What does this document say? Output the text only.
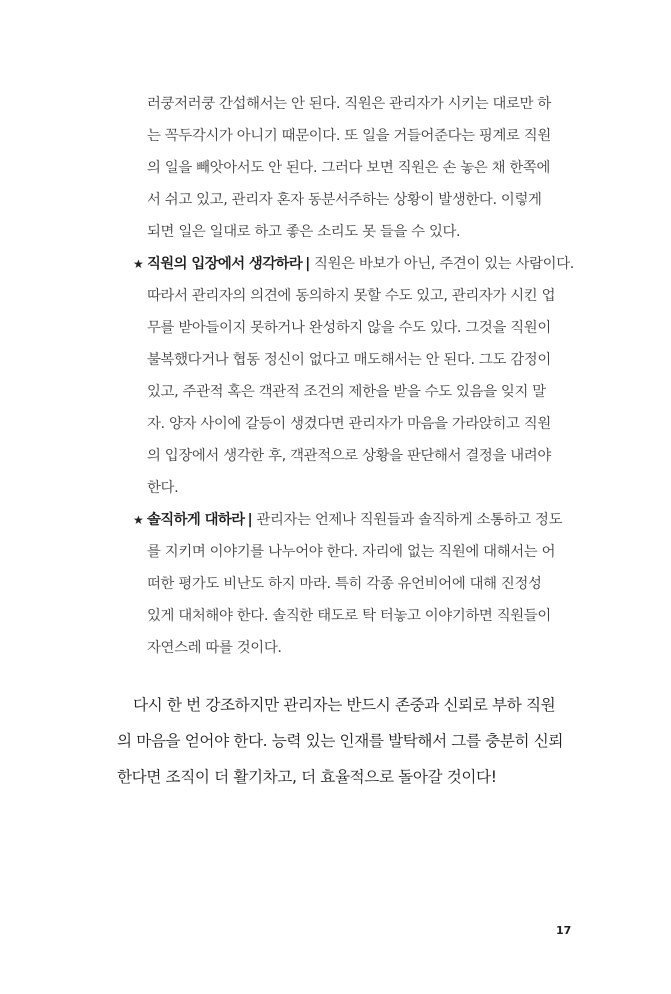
러쿵저러쿵 간섭해서는 안 된다. 직원은 관리자가 시키는 대로만 하
는 꼭두각시가 아니기 때문이다. 또 일을 거들어준다는 핑계로 직원
의 일을 빼앗아서도 안 된다. 그러다 보면 직원은 손 놓은 채 한쪽에
서 쉬고 있고, 관리자 혼자 동분서주하는 상황이 발생한다. 이렇게
되면 일은 일대로 하고 좋은 소리도 못 들을 수 있다.
★ 직원의 입장에서 생각하라 | 직원은 바보가 아닌, 주견이 있는 사람이다.
따라서 관리자의 의견에 동의하지 못할 수도 있고, 관리자가 시킨 업
무를 받아들이지 못하거나 완성하지 않을 수도 있다. 그것을 직원이
불복했다거나 협동 정신이 없다고 매도해서는 안 된다. 그도 감정이
있고, 주관적 혹은 객관적 조건의 제한을 받을 수도 있음을 잊지 말
자. 양자 사이에 갈등이 생겼다면 관리자가 마음을 가라앉히고 직원
의 입장에서 생각한 후, 객관적으로 상황을 판단해서 결정을 내려야
한다.
★ 솔직하게 대하라 | 관리자는 언제나 직원들과 솔직하게 소통하고 정도
를 지키며 이야기를 나누어야 한다. 자리에 없는 직원에 대해서는 어
떠한 평가도 비난도 하지 마라. 특히 각종 유언비어에 대해 진정성
있게 대처해야 한다. 솔직한 태도로 탁 터놓고 이야기하면 직원들이
자연스레 따를 것이다.
다시 한 번 강조하지만 관리자는 반드시 존중과 신뢰로 부하 직원
의 마음을 얻어야 한다. 능력 있는 인재를 발탁해서 그를 충분히 신뢰
한다면 조직이 더 활기차고, 더 효율적으로 돌아갈 것이다!
17
